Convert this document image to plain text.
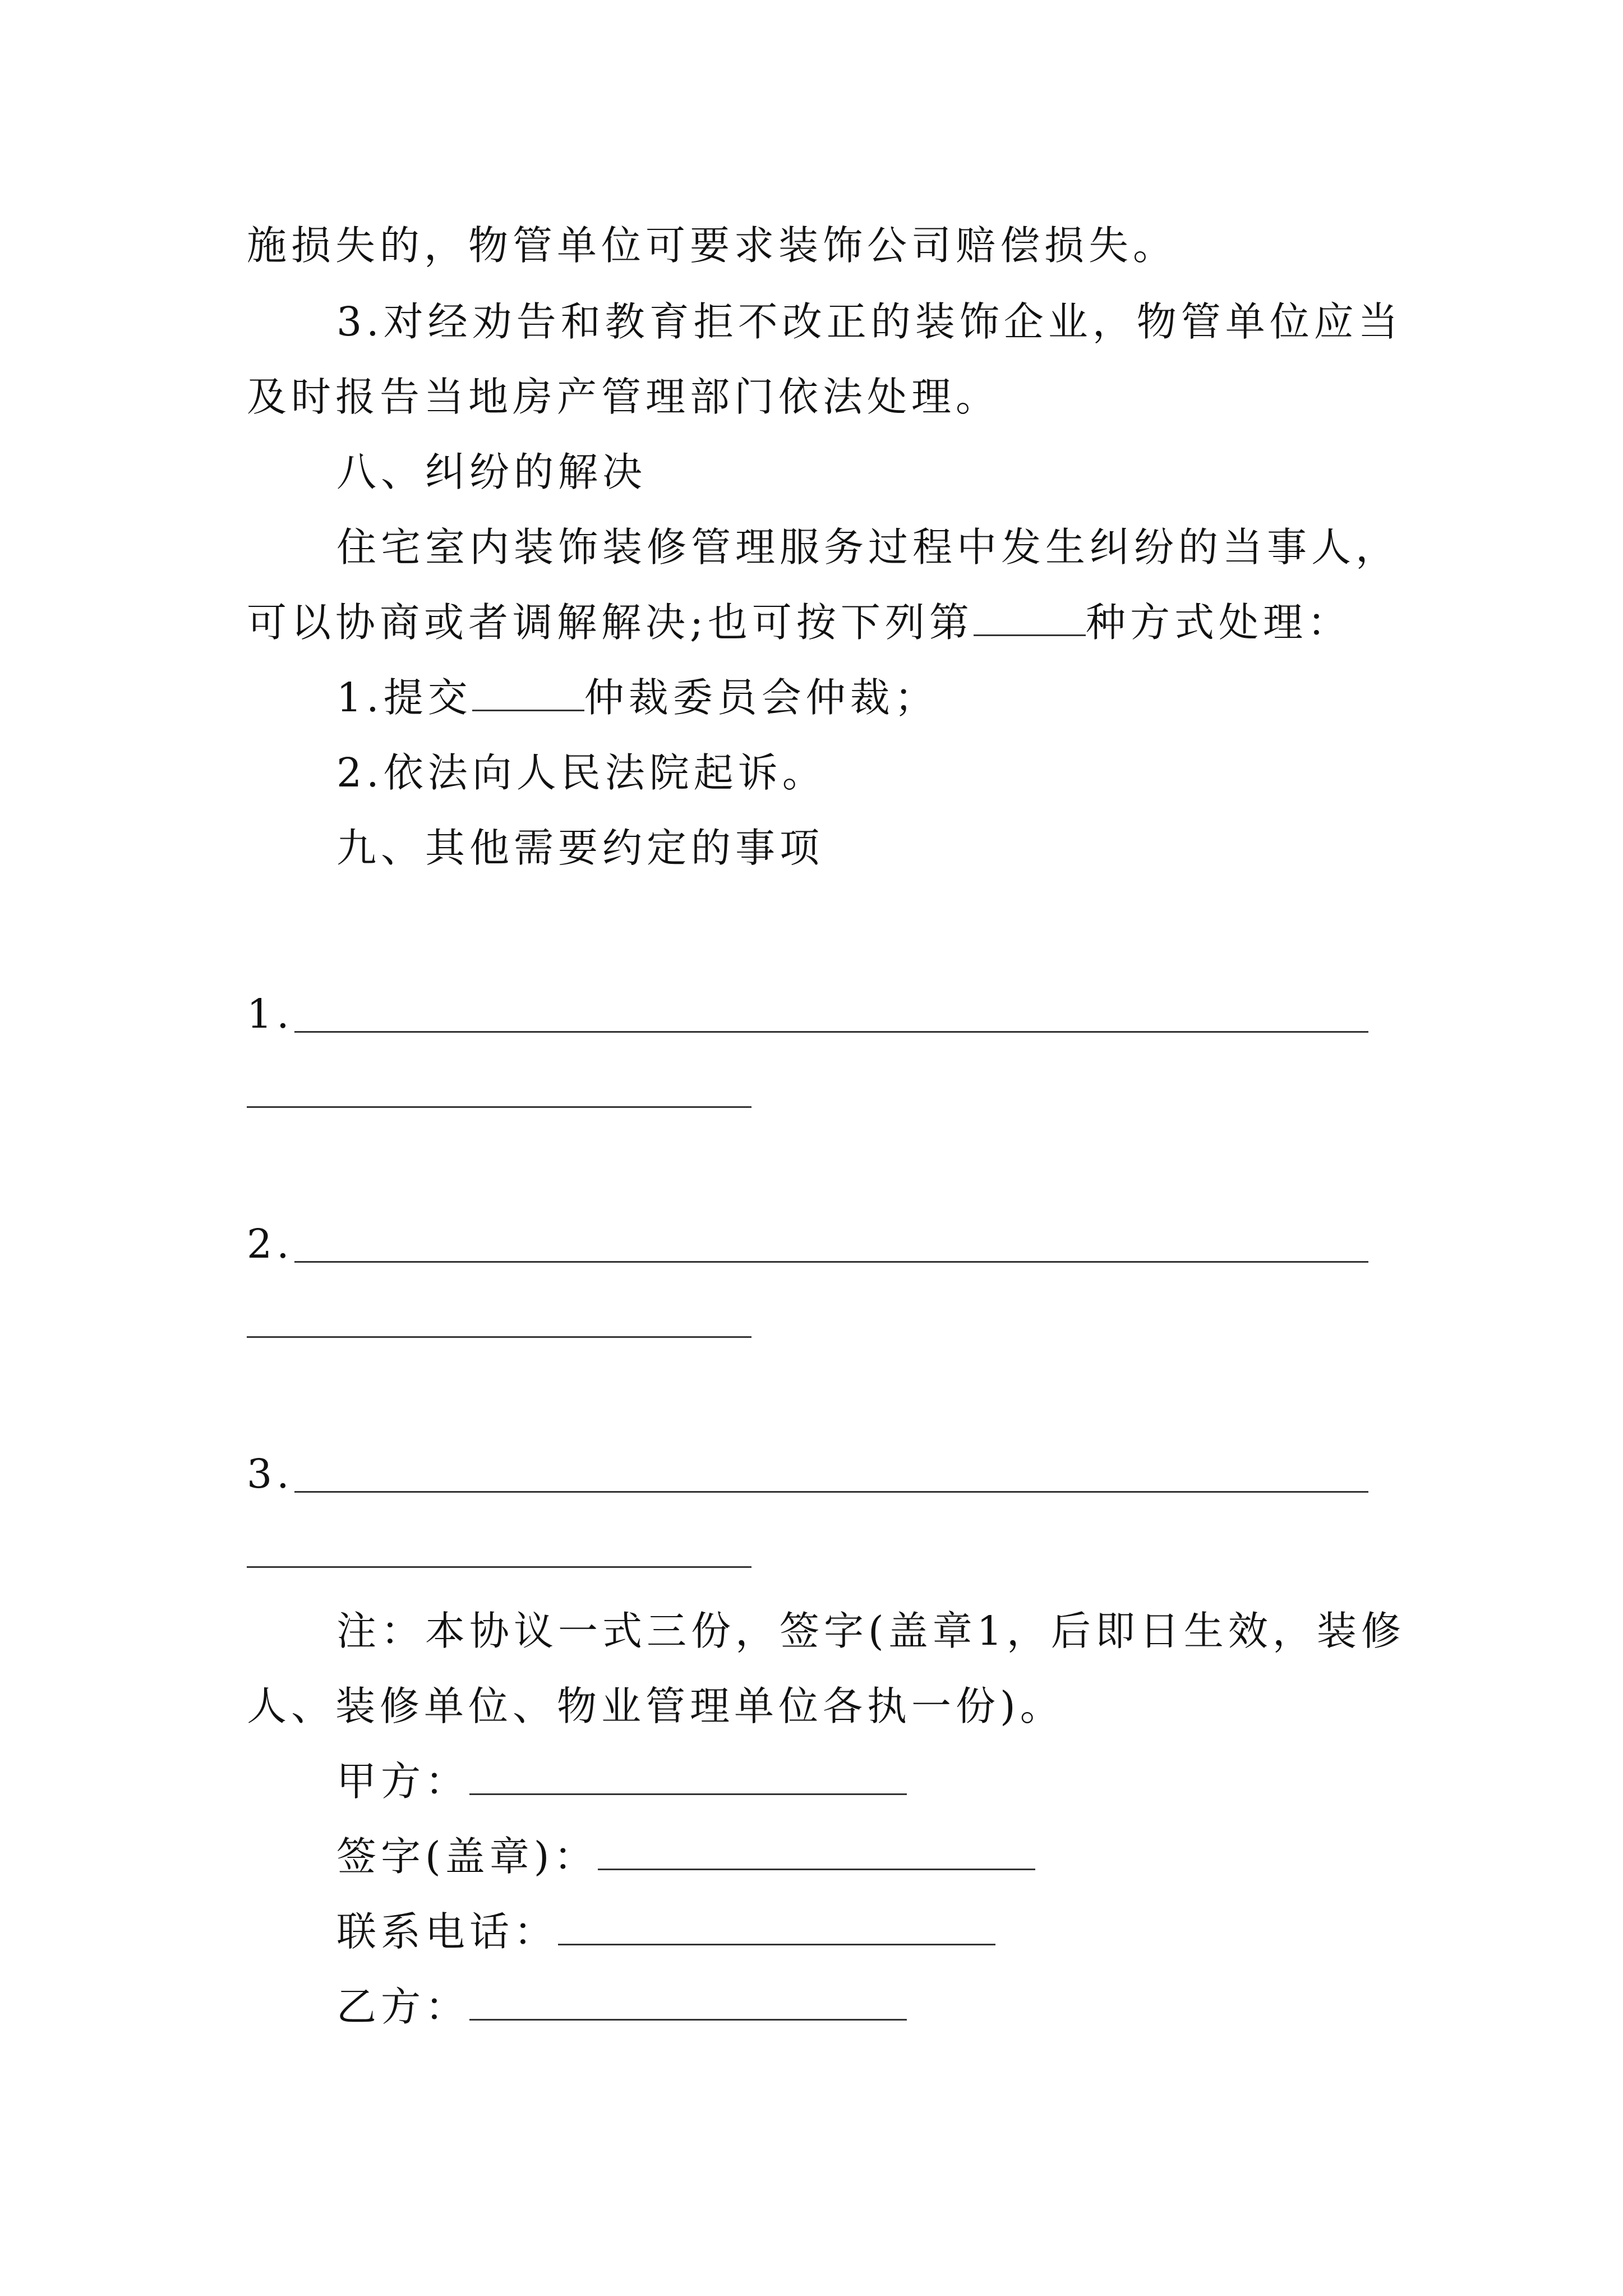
施损失的，物管单位可要求装饰公司赔偿损失。
3.对经劝告和教育拒不改正的装饰企业，物管单位应当
及时报告当地房产管理部门依法处理。
八、纠纷的解决
住宅室内装饰装修管理服务过程中发生纠纷的当事人，
可以协商或者调解解决;也可按下列第	种方式处理：
1.提交	仲裁委员会仲裁；
2.依法向人民法院起诉。
九、其他需要约定的事项
1.
2.
3.
注：本协议一式三份，签字(盖章1，后即日生效，装修
人、装修单位、物业管理单位各执一份)。
甲方：
签字(盖章)：
联系电话：
乙方：
